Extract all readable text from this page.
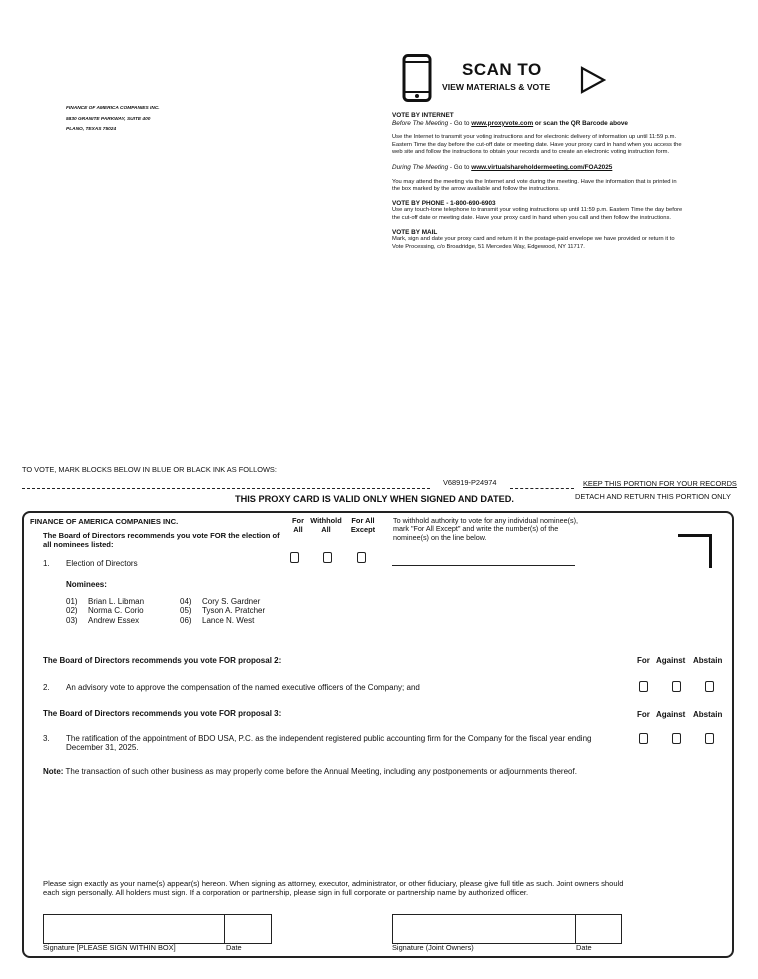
FINANCE OF AMERICA COMPANIES INC.
5830 GRANITE PARKWAY, SUITE 400
PLANO, TEXAS 75024
SCAN TO
VIEW MATERIALS & VOTE
VOTE BY INTERNET
Before The Meeting - Go to www.proxyvote.com or scan the QR Barcode above
Use the Internet to transmit your voting instructions and for electronic delivery of information up until 11:59 p.m. Eastern Time the day before the cut-off date or meeting date. Have your proxy card in hand when you access the web site and follow the instructions to obtain your records and to create an electronic voting instruction form.
During The Meeting - Go to www.virtualshareholdermeeting.com/FOA2025
You may attend the meeting via the Internet and vote during the meeting. Have the information that is printed in the box marked by the arrow available and follow the instructions.
VOTE BY PHONE - 1-800-690-6903
Use any touch-tone telephone to transmit your voting instructions up until 11:59 p.m. Eastern Time the day before the cut-off date or meeting date. Have your proxy card in hand when you call and then follow the instructions.
VOTE BY MAIL
Mark, sign and date your proxy card and return it in the postage-paid envelope we have provided or return it to Vote Processing, c/o Broadridge, 51 Mercedes Way, Edgewood, NY 11717.
TO VOTE, MARK BLOCKS BELOW IN BLUE OR BLACK INK AS FOLLOWS:
V68919-P24974	KEEP THIS PORTION FOR YOUR RECORDS
THIS PROXY CARD IS VALID ONLY WHEN SIGNED AND DATED.	DETACH AND RETURN THIS PORTION ONLY
FINANCE OF AMERICA COMPANIES INC.
The Board of Directors recommends you vote FOR the election of all nominees listed:
For All
Withhold All
For All Except
To withhold authority to vote for any individual nominee(s), mark "For All Except" and write the number(s) of the nominee(s) on the line below.
1. Election of Directors
Nominees:
01) Brian L. Libman
02) Norma C. Corio
03) Andrew Essex
04) Cory S. Gardner
05) Tyson A. Pratcher
06) Lance N. West
The Board of Directors recommends you vote FOR proposal 2:	For Against Abstain
2. An advisory vote to approve the compensation of the named executive officers of the Company; and
The Board of Directors recommends you vote FOR proposal 3:	For Against Abstain
3. The ratification of the appointment of BDO USA, P.C. as the independent registered public accounting firm for the Company for the fiscal year ending December 31, 2025.
Note: The transaction of such other business as may properly come before the Annual Meeting, including any postponements or adjournments thereof.
Please sign exactly as your name(s) appear(s) hereon. When signing as attorney, executor, administrator, or other fiduciary, please give full title as such. Joint owners should each sign personally. All holders must sign. If a corporation or partnership, please sign in full corporate or partnership name by authorized officer.
Signature [PLEASE SIGN WITHIN BOX]	Date	Signature (Joint Owners)	Date
